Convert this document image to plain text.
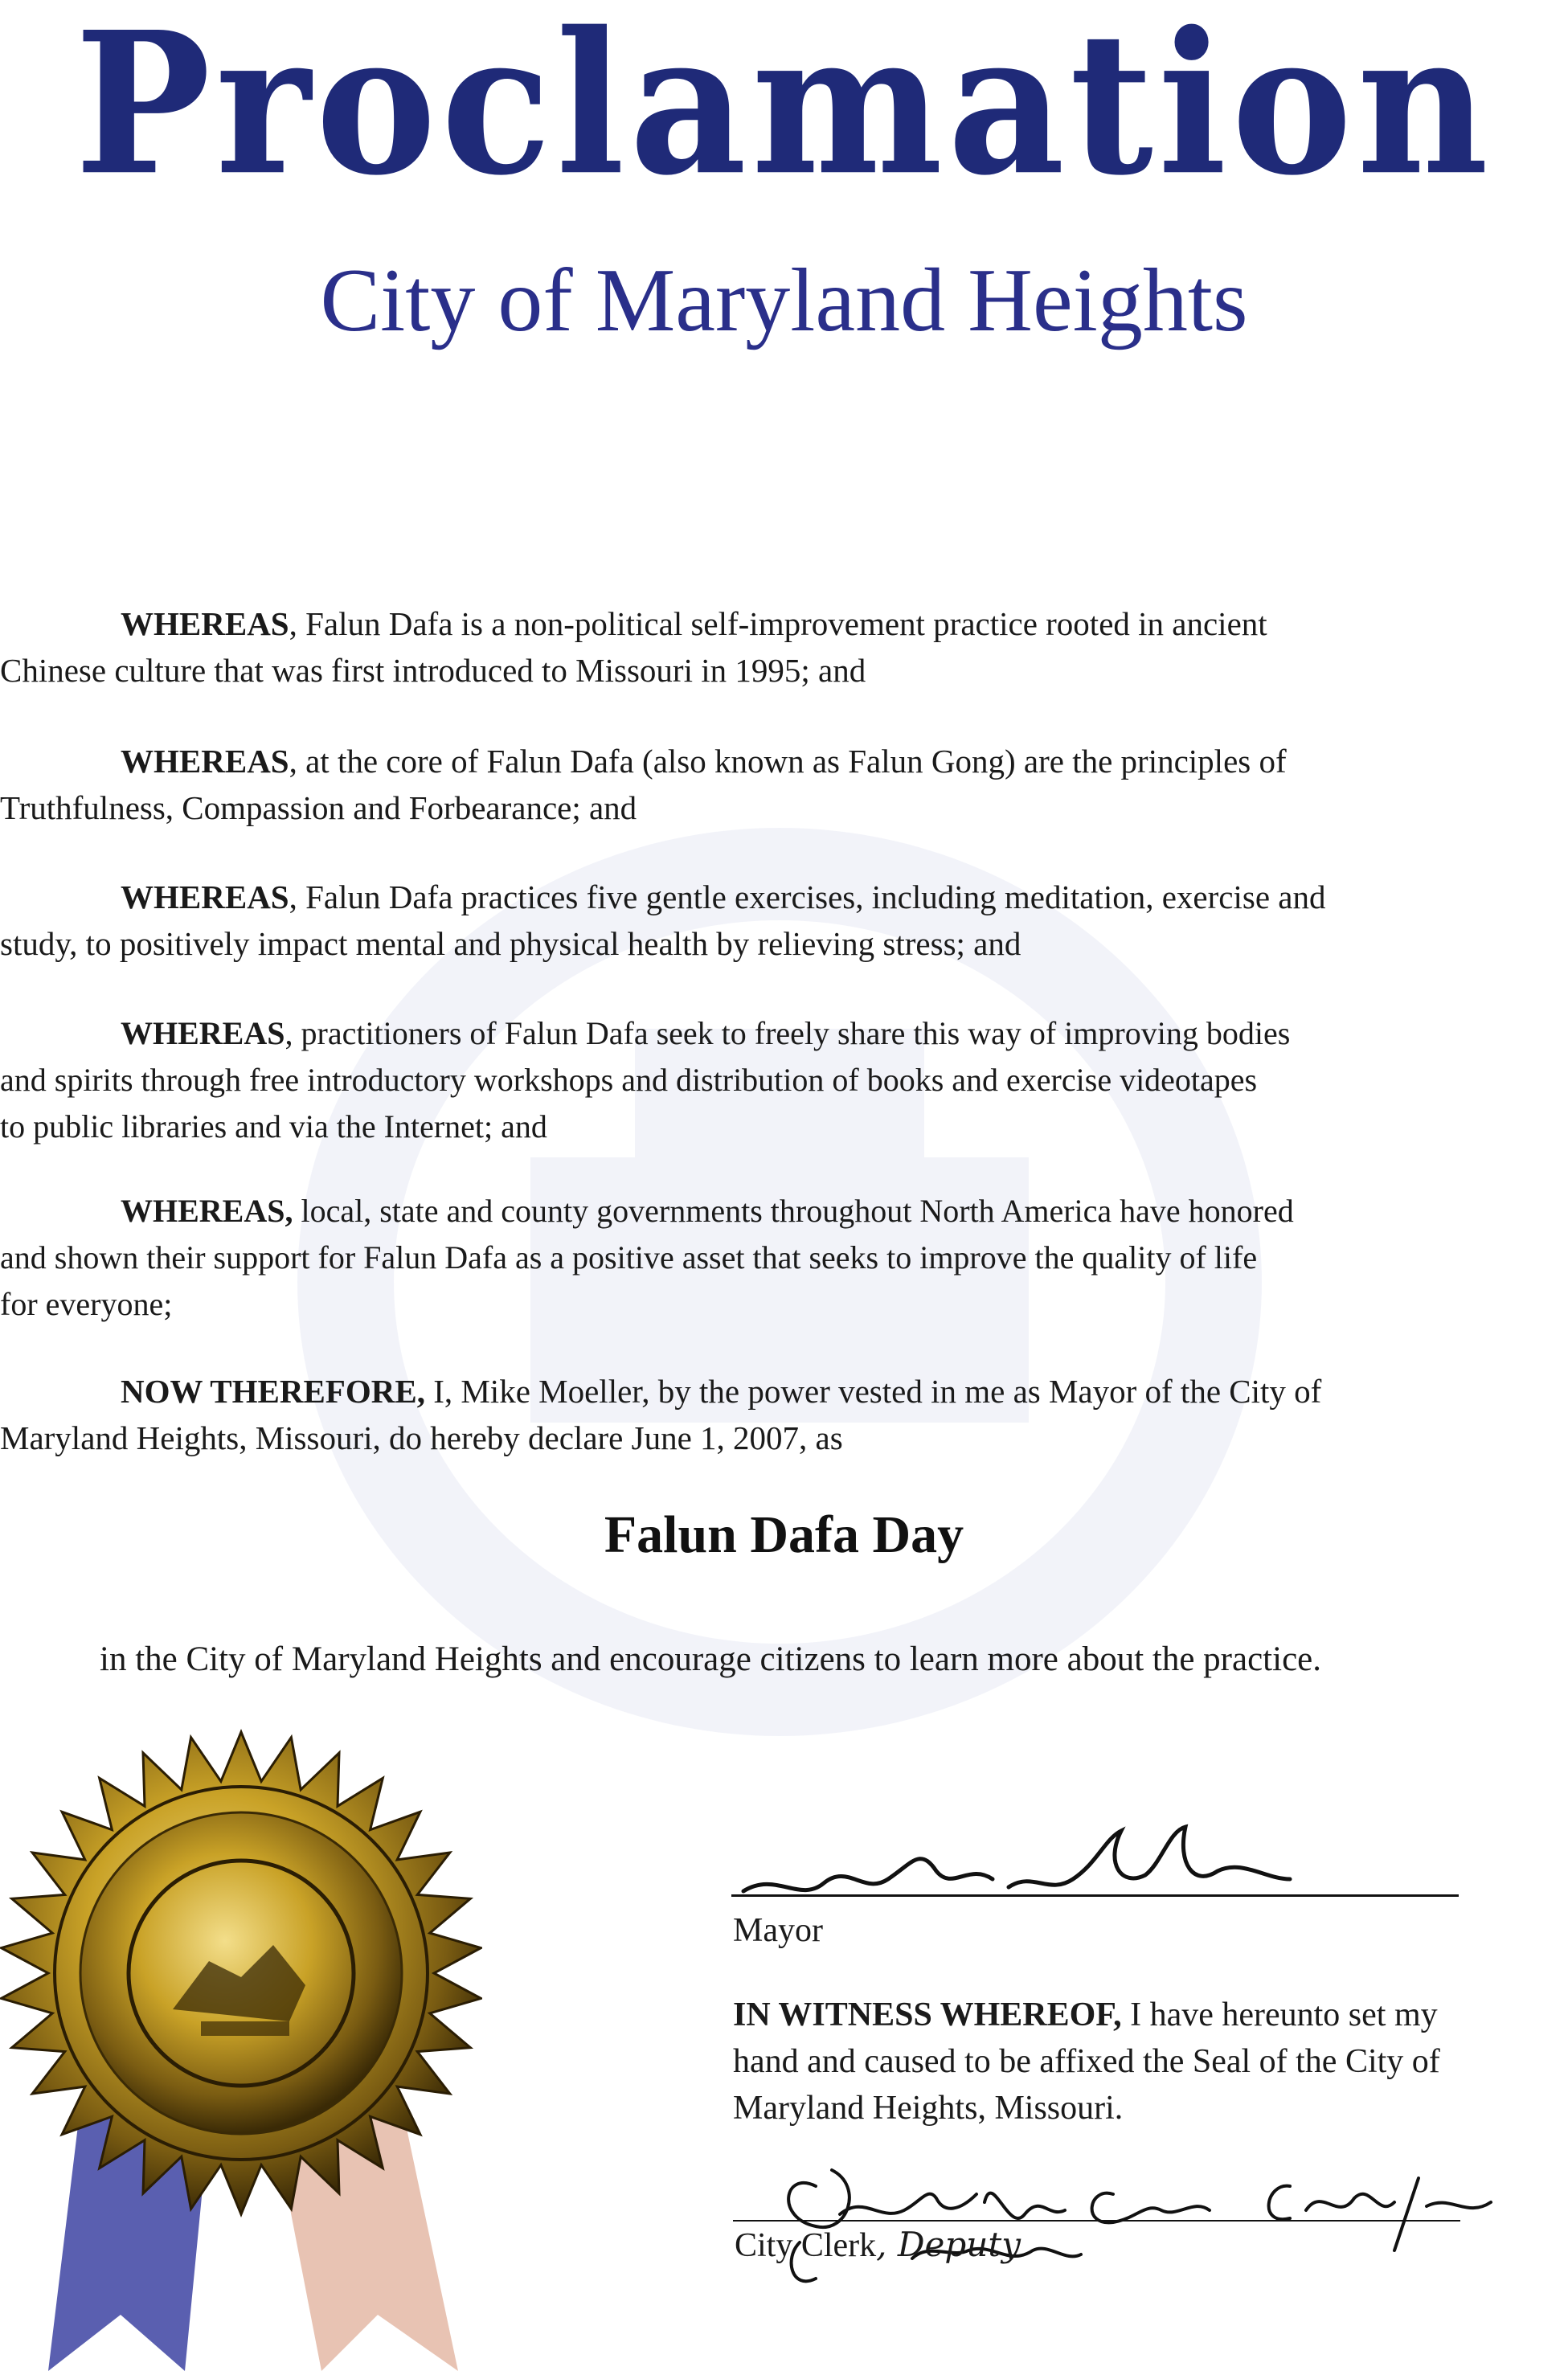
Proclamation
City of Maryland Heights
WHEREAS, Falun Dafa is a non-political self-improvement practice rooted in ancient
Chinese culture that was first introduced to Missouri in 1995; and
WHEREAS, at the core of Falun Dafa (also known as Falun Gong) are the principles of
Truthfulness, Compassion and Forbearance; and
WHEREAS, Falun Dafa practices five gentle exercises, including meditation, exercise and
study, to positively impact mental and physical health by relieving stress; and
WHEREAS, practitioners of Falun Dafa seek to freely share this way of improving bodies
and spirits through free introductory workshops and distribution of books and exercise videotapes
to public libraries and via the Internet; and
WHEREAS, local, state and county governments throughout North America have honored
and shown their support for Falun Dafa as a positive asset that seeks to improve the quality of life
for everyone;
NOW THEREFORE, I, Mike Moeller, by the power vested in me as Mayor of the City of
Maryland Heights, Missouri, do hereby declare June 1, 2007, as
Falun Dafa Day
in the City of Maryland Heights and encourage citizens to learn more about the practice.
Mayor
IN WITNESS WHEREOF, I have hereunto set my
hand and caused to be affixed the Seal of the City of
Maryland Heights, Missouri.
City Clerk, Deputy
